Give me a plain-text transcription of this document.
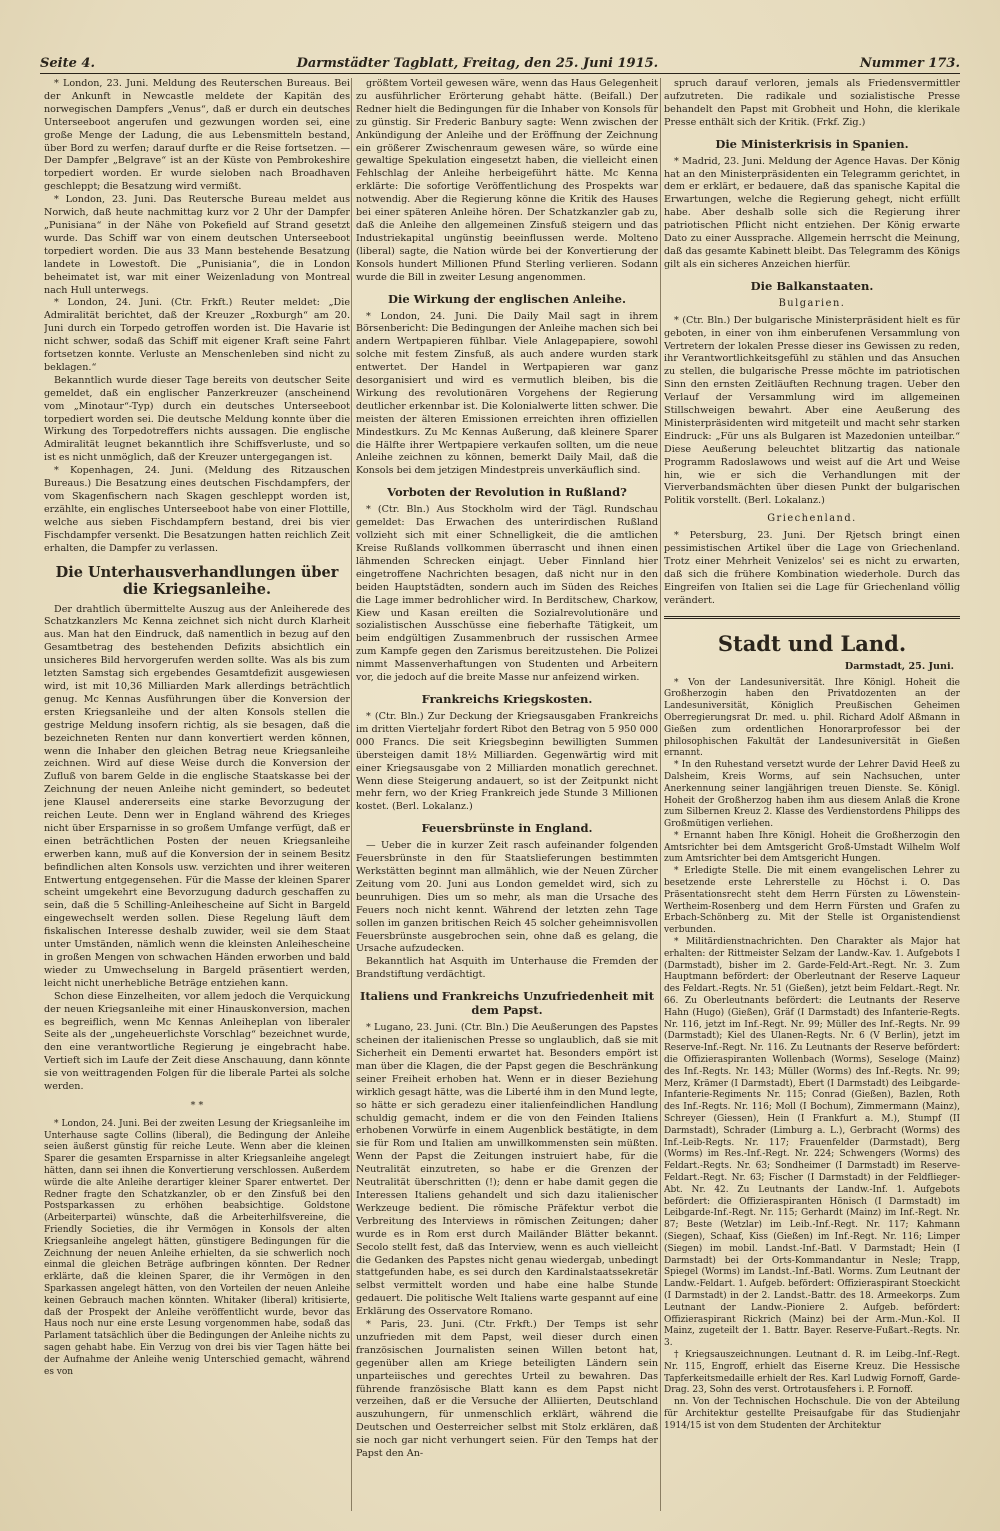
Seite 4.	Darmstädter Tagblatt, Freitag, den 25. Juni 1915.	Nummer 173.

* London, 23. Juni. Meldung des Reuterschen Bureaus. Bei der Ankunft in Newcastle meldete der Kapitän des norwegischen Dampfers „Venus“, daß er durch ein deutsches Unterseeboot angerufen und gezwungen worden sei, eine große Menge der Ladung, die aus Lebensmitteln bestand, über Bord zu werfen; darauf durfte er die Reise fortsetzen. — Der Dampfer „Belgrave“ ist an der Küste von Pembrokeshire torpediert worden. Er wurde sieloben nach Broadhaven geschleppt; die Besatzung wird vermißt.

* London, 23. Juni. Das Reutersche Bureau meldet aus Norwich, daß heute nachmittag kurz vor 2 Uhr der Dampfer „Punisiana“ in der Nähe von Pokefield auf Strand gesetzt wurde. Das Schiff war von einem deutschen Unterseeboot torpediert worden. Die aus 33 Mann bestehende Besatzung landete in Lowestoft. Die „Punisiania“, die in London beheimatet ist, war mit einer Weizenladung von Montreal nach Hull unterwegs.

* London, 24. Juni. (Ctr. Frkft.) Reuter meldet: „Die Admiralität berichtet, daß der Kreuzer „Roxburgh“ am 20. Juni durch ein Torpedo getroffen worden ist. Die Havarie ist nicht schwer, sodaß das Schiff mit eigener Kraft seine Fahrt fortsetzen konnte. Verluste an Menschenleben sind nicht zu beklagen.“

Bekanntlich wurde dieser Tage bereits von deutscher Seite gemeldet, daß ein englischer Panzerkreuzer (anscheinend vom „Minotaur“-Typ) durch ein deutsches Unterseeboot torpediert worden sei. Die deutsche Meldung konnte über die Wirkung des Torpedotreffers nichts aussagen. Die englische Admiralität leugnet bekanntlich ihre Schiffsverluste, und so ist es nicht unmöglich, daß der Kreuzer untergegangen ist.

* Kopenhagen, 24. Juni. (Meldung des Ritzauschen Bureaus.) Die Besatzung eines deutschen Fischdampfers, der vom Skagenfischern nach Skagen geschleppt worden ist, erzählte, ein englisches Unterseeboot habe von einer Flottille, welche aus sieben Fischdampfern bestand, drei bis vier Fischdampfer versenkt. Die Besatzungen hatten reichlich Zeit erhalten, die Dampfer zu verlassen.

Die Unterhausverhandlungen über die Kriegsanleihe.

Der drahtlich übermittelte Auszug aus der Anleiherede des Schatzkanzlers Mc Kenna zeichnet sich nicht durch Klarheit aus. Man hat den Eindruck, daß namentlich in bezug auf den Gesamtbetrag des bestehenden Defizits absichtlich ein unsicheres Bild hervorgerufen werden sollte. Was als bis zum letzten Samstag sich ergebendes Gesamtdefizit ausgewiesen wird, ist mit 10,36 Milliarden Mark allerdings beträchtlich genug. Mc Kennas Ausführungen über die Konversion der ersten Kriegsanleihe und der alten Konsols stellen die gestrige Meldung insofern richtig, als sie besagen, daß die bezeichneten Renten nur dann konvertiert werden können, wenn die Inhaber den gleichen Betrag neue Kriegsanleihe zeichnen. Wird auf diese Weise durch die Konversion der Zufluß von barem Gelde in die englische Staatskasse bei der Zeichnung der neuen Anleihe nicht gemindert, so bedeutet jene Klausel andererseits eine starke Bevorzugung der reichen Leute. Denn wer in England während des Krieges nicht über Ersparnisse in so großem Umfange verfügt, daß er einen beträchtlichen Posten der neuen Kriegsanleihe erwerben kann, muß auf die Konversion der in seinem Besitz befindlichen alten Konsols usw. verzichten und ihrer weiteren Entwertung entgegensehen. Für die Masse der kleinen Sparer scheint umgekehrt eine Bevorzugung dadurch geschaffen zu sein, daß die 5 Schilling-Anleihescheine auf Sicht in Bargeld eingewechselt werden sollen. Diese Regelung läuft dem fiskalischen Interesse deshalb zuwider, weil sie dem Staat unter Umständen, nämlich wenn die kleinsten Anleihescheine in großen Mengen von schwachen Händen erworben und bald wieder zu Umwechselung in Bargeld präsentiert werden, leicht nicht unerhebliche Beträge entziehen kann.

Schon diese Einzelheiten, vor allem jedoch die Verquickung der neuen Kriegsanleihe mit einer Hinauskonversion, machen es begreiflich, wenn Mc Kennas Anleiheplan von liberaler Seite als der „ungeheuerlichste Vorschlag“ bezeichnet wurde, den eine verantwortliche Regierung je eingebracht habe. Vertieft sich im Laufe der Zeit diese Anschauung, dann könnte sie von weittragenden Folgen für die liberale Partei als solche werden.

* *

* London, 24. Juni. Bei der zweiten Lesung der Kriegsanleihe im Unterhause sagte Collins (liberal), die Bedingung der Anleihe seien äußerst günstig für reiche Leute. Wenn aber die kleinen Sparer die gesamten Ersparnisse in alter Kriegsanleihe angelegt hätten, dann sei ihnen die Konvertierung verschlossen. Außerdem würde die alte Anleihe derartiger kleiner Sparer entwertet. Der Redner fragte den Schatzkanzler, ob er den Zinsfuß bei den Postsparkassen zu erhöhen beabsichtige. Goldstone (Arbeiterpartei) wünschte, daß die Arbeiterhilfsvereine, die Friendly Societies, die ihr Vermögen in Konsols der alten Kriegsanleihe angelegt hätten, günstigere Bedingungen für die Zeichnung der neuen Anleihe erhielten, da sie schwerlich noch einmal die gleichen Beträge aufbringen könnten. Der Redner erklärte, daß die kleinen Sparer, die ihr Vermögen in den Sparkassen angelegt hätten, von den Vorteilen der neuen Anleihe keinen Gebrauch machen könnten. Whitaker (liberal) kritisierte, daß der Prospekt der Anleihe veröffentlicht wurde, bevor das Haus noch nur eine erste Lesung vorgenommen habe, sodaß das Parlament tatsächlich über die Bedingungen der Anleihe nichts zu sagen gehabt habe. Ein Verzug von drei bis vier Tagen hätte bei der Aufnahme der Anleihe wenig Unterschied gemacht, während es von

größtem Vorteil gewesen wäre, wenn das Haus Gelegenheit zu ausführlicher Erörterung gehabt hätte. (Beifall.) Der Redner hielt die Bedingungen für die Inhaber von Konsols für zu günstig. Sir Frederic Banbury sagte: Wenn zwischen der Ankündigung der Anleihe und der Eröffnung der Zeichnung ein größerer Zwischenraum gewesen wäre, so würde eine gewaltige Spekulation eingesetzt haben, die vielleicht einen Fehlschlag der Anleihe herbeigeführt hätte. Mc Kenna erklärte: Die sofortige Veröffentlichung des Prospekts war notwendig. Aber die Regierung könne die Kritik des Hauses bei einer späteren Anleihe hören. Der Schatzkanzler gab zu, daß die Anleihe den allgemeinen Zinsfuß steigern und das Industriekapital ungünstig beeinflussen werde. Molteno (liberal) sagte, die Nation würde bei der Konvertierung der Konsols hundert Millionen Pfund Sterling verlieren. Sodann wurde die Bill in zweiter Lesung angenommen.

Die Wirkung der englischen Anleihe.

* London, 24. Juni. Die Daily Mail sagt in ihrem Börsenbericht: Die Bedingungen der Anleihe machen sich bei andern Wertpapieren fühlbar. Viele Anlagepapiere, sowohl solche mit festem Zinsfuß, als auch andere wurden stark entwertet. Der Handel in Wertpapieren war ganz desorganisiert und wird es vermutlich bleiben, bis die Wirkung des revolutionären Vorgehens der Regierung deutlicher erkennbar ist. Die Kolonialwerte litten schwer. Die meisten der älteren Emissionen erreichten ihren offiziellen Mindestkurs. Zu Mc Kennas Außerung, daß kleinere Sparer die Hälfte ihrer Wertpapiere verkaufen sollten, um die neue Anleihe zeichnen zu können, bemerkt Daily Mail, daß die Konsols bei dem jetzigen Mindestpreis unverkäuflich sind.

Vorboten der Revolution in Rußland?

* (Ctr. Bln.) Aus Stockholm wird der Tägl. Rundschau gemeldet: Das Erwachen des unterirdischen Rußland vollzieht sich mit einer Schnelligkeit, die die amtlichen Kreise Rußlands vollkommen überrascht und ihnen einen lähmenden Schrecken einjagt. Ueber Finnland hier eingetroffene Nachrichten besagen, daß nicht nur in den beiden Hauptstädten, sondern auch im Süden des Reiches die Lage immer bedrohlicher wird. In Berditschew, Charkow, Kiew und Kasan ereilten die Sozialrevolutionäre und sozialistischen Ausschüsse eine fieberhafte Tätigkeit, um beim endgültigen Zusammenbruch der russischen Armee zum Kampfe gegen den Zarismus bereitzustehen. Die Polizei nimmt Massenverhaftungen von Studenten und Arbeitern vor, die jedoch auf die breite Masse nur anfeizend wirken.

Frankreichs Kriegskosten.

* (Ctr. Bln.) Zur Deckung der Kriegsausgaben Frankreichs im dritten Vierteljahr fordert Ribot den Betrag von 5 950 000 000 Francs. Die seit Kriegsbeginn bewilligten Summen übersteigen damit 18½ Milliarden. Gegenwärtig wird mit einer Kriegsausgabe von 2 Milliarden monatlich gerechnet. Wenn diese Steigerung andauert, so ist der Zeitpunkt nicht mehr fern, wo der Krieg Frankreich jede Stunde 3 Millionen kostet. (Berl. Lokalanz.)

Feuersbrünste in England.

— Ueber die in kurzer Zeit rasch aufeinander folgenden Feuersbrünste in den für Staatslieferungen bestimmten Werkstätten beginnt man allmählich, wie der Neuen Zürcher Zeitung vom 20. Juni aus London gemeldet wird, sich zu beunruhigen. Dies um so mehr, als man die Ursache des Feuers noch nicht kennt. Während der letzten zehn Tage sollen im ganzen britischen Reich 45 solcher geheimnisvollen Feuersbrünste ausgebrochen sein, ohne daß es gelang, die Ursache aufzudecken.

Bekanntlich hat Asquith im Unterhause die Fremden der Brandstiftung verdächtigt.

Italiens und Frankreichs Unzufriedenheit mit dem Papst.

* Lugano, 23. Juni. (Ctr. Bln.) Die Aeußerungen des Papstes scheinen der italienischen Presse so unglaublich, daß sie mit Sicherheit ein Dementi erwartet hat. Besonders empört ist man über die Klagen, die der Papst gegen die Beschränkung seiner Freiheit erhoben hat. Wenn er in dieser Beziehung wirklich gesagt hätte, was die Liberté ihm in den Mund legte, so hätte er sich geradezu einer italienfeindlichen Handlung schuldig gemacht, indem er die von den Feinden Italiens erhobenen Vorwürfe in einem Augenblick bestätigte, in dem sie für Rom und Italien am unwillkommensten sein müßten. Wenn der Papst die Zeitungen instruiert habe, für die Neutralität einzutreten, so habe er die Grenzen der Neutralität überschritten (!); denn er habe damit gegen die Interessen Italiens gehandelt und sich dazu italienischer Werkzeuge bedient. Die römische Präfektur verbot die Verbreitung des Interviews in römischen Zeitungen; daher wurde es in Rom erst durch Mailänder Blätter bekannt. Secolo stellt fest, daß das Interview, wenn es auch vielleicht die Gedanken des Papstes nicht genau wiedergab, unbedingt stattgefunden habe, es sei durch den Kardinalstaatssekretär selbst vermittelt worden und habe eine halbe Stunde gedauert. Die politische Welt Italiens warte gespannt auf eine Erklärung des Osservatore Romano.

* Paris, 23. Juni. (Ctr. Frkft.) Der Temps ist sehr unzufrieden mit dem Papst, weil dieser durch einen französischen Journalisten seinen Willen betont hat, gegenüber allen am Kriege beteiligten Ländern sein unparteiisches und gerechtes Urteil zu bewahren. Das führende französische Blatt kann es dem Papst nicht verzeihen, daß er die Versuche der Alliierten, Deutschland auszuhungern, für unmenschlich erklärt, während die Deutschen und Oesterreicher selbst mit Stolz erklären, daß sie noch gar nicht verhungert seien. Für den Temps hat der Papst den An-

spruch darauf verloren, jemals als Friedensvermittler aufzutreten. Die radikale und sozialistische Presse behandelt den Papst mit Grobheit und Hohn, die klerikale Presse enthält sich der Kritik. (Frkf. Zig.)

Die Ministerkrisis in Spanien.

* Madrid, 23. Juni. Meldung der Agence Havas. Der König hat an den Ministerpräsidenten ein Telegramm gerichtet, in dem er erklärt, er bedauere, daß das spanische Kapital die Erwartungen, welche die Regierung gehegt, nicht erfüllt habe. Aber deshalb solle sich die Regierung ihrer patriotischen Pflicht nicht entziehen. Der König erwarte Dato zu einer Aussprache. Allgemein herrscht die Meinung, daß das gesamte Kabinett bleibt. Das Telegramm des Königs gilt als ein sicheres Anzeichen hierfür.

Die Balkanstaaten.
Bulgarien.

* (Ctr. Bln.) Der bulgarische Ministerpräsident hielt es für geboten, in einer von ihm einberufenen Versammlung von Vertretern der lokalen Presse dieser ins Gewissen zu reden, ihr Verantwortlichkeitsgefühl zu stählen und das Ansuchen zu stellen, die bulgarische Presse möchte im patriotischen Sinn den ernsten Zeitläuften Rechnung tragen. Ueber den Verlauf der Versammlung wird im allgemeinen Stillschweigen bewahrt. Aber eine Aeußerung des Ministerpräsidenten wird mitgeteilt und macht sehr starken Eindruck: „Für uns als Bulgaren ist Mazedonien unteilbar.“ Diese Aeußerung beleuchtet blitzartig das nationale Programm Radoslawows und weist auf die Art und Weise hin, wie er sich die Verhandlungen mit der Vierverbandsmächten über diesen Punkt der bulgarischen Politik vorstellt. (Berl. Lokalanz.)

Griechenland.

* Petersburg, 23. Juni. Der Rjetsch bringt einen pessimistischen Artikel über die Lage von Griechenland. Trotz einer Mehrheit Venizelos' sei es nicht zu erwarten, daß sich die frühere Kombination wiederhole. Durch das Eingreifen von Italien sei die Lage für Griechenland völlig verändert.

Stadt und Land.
Darmstadt, 25. Juni.

* Von der Landesuniversität. Ihre Königl. Hoheit die Großherzogin haben den Privatdozenten an der Landesuniversität, Königlich Preußischen Geheimen Oberregierungsrat Dr. med. u. phil. Richard Adolf Aßmann in Gießen zum ordentlichen Honorarprofessor bei der philosophischen Fakultät der Landesuniversität in Gießen ernannt.

* In den Ruhestand versetzt wurde der Lehrer David Heeß zu Dalsheim, Kreis Worms, auf sein Nachsuchen, unter Anerkennung seiner langjährigen treuen Dienste. Se. Königl. Hoheit der Großherzog haben ihm aus diesem Anlaß die Krone zum Silbernen Kreuz 2. Klasse des Verdienstordens Philipps des Großmütigen verliehen.

* Ernannt haben Ihre Königl. Hoheit die Großherzogin den Amtsrichter bei dem Amtsgericht Groß-Umstadt Wilhelm Wolf zum Amtsrichter bei dem Amtsgericht Hungen.

* Erledigte Stelle. Die mit einem evangelischen Lehrer zu besetzende erste Lehrerstelle zu Höchst i. O. Das Präsentationsrecht steht dem Herrn Fürsten zu Löwenstein-Wertheim-Rosenberg und dem Herrn Fürsten und Grafen zu Erbach-Schönberg zu. Mit der Stelle ist Organistendienst verbunden.

* Militärdienstnachrichten. Den Charakter als Major hat erhalten: der Rittmeister Selzam der Landw.-Kav. 1. Aufgebots I (Darmstadt), bisher im 2. Garde-Feld-Art.-Regt. Nr. 3. Zum Hauptmann befördert: der Oberleutnant der Reserve Laqueur des Feldart.-Regts. Nr. 51 (Gießen), jetzt beim Feldart.-Regt. Nr. 66. Zu Oberleutnants befördert: die Leutnants der Reserve Hahn (Hugo) (Gießen), Gräf (I Darmstadt) des Infanterie-Regts. Nr. 116, jetzt im Inf.-Regt. Nr. 99; Müller des Inf.-Regts. Nr. 99 (Darmstadt); Kiel des Ulanen-Regts. Nr. 6 (V Berlin), jetzt im Reserve-Inf.-Regt. Nr. 116. Zu Leutnants der Reserve befördert: die Offizieraspiranten Wollenbach (Worms), Seseloge (Mainz) des Inf.-Regts. Nr. 143; Müller (Worms) des Inf.-Regts. Nr. 99; Merz, Krämer (I Darmstadt), Ebert (I Darmstadt) des Leibgarde-Infanterie-Regiments Nr. 115; Conrad (Gießen), Bazlen, Roth des Inf.-Regts. Nr. 116; Moll (I Bochum), Zimmermann (Mainz), Schreyer (Giessen), Hein (I Frankfurt a. M.), Stumpf (II Darmstadt), Schrader (Limburg a. L.), Gerbracht (Worms) des Inf.-Leib-Regts. Nr. 117; Frauenfelder (Darmstadt), Berg (Worms) im Res.-Inf.-Regt. Nr. 224; Schwengers (Worms) des Feldart.-Regts. Nr. 63; Sondheimer (I Darmstadt) im Reserve-Feldart.-Regt. Nr. 63; Fischer (I Darmstadt) in der Feldflieger-Abt. Nr. 42. Zu Leutnants der Landw.-Inf. 1. Aufgebots befördert: die Offizieraspiranten Hönisch (I Darmstadt) im Leibgarde-Inf.-Regt. Nr. 115; Gerhardt (Mainz) im Inf.-Regt. Nr. 87; Beste (Wetzlar) im Leib.-Inf.-Regt. Nr. 117; Kahmann (Siegen), Schaaf, Kiss (Gießen) im Inf.-Regt. Nr. 116; Limper (Siegen) im mobil. Landst.-Inf.-Batl. V Darmstadt; Hein (I Darmstadt) bei der Orts-Kommandantur in Nesle; Trapp, Spiegel (Worms) im Landst.-Inf.-Batl. Worms. Zum Leutnant der Landw.-Feldart. 1. Aufgeb. befördert: Offizieraspirant Stoeckicht (I Darmstadt) in der 2. Landst.-Battr. des 18. Armeekorps. Zum Leutnant der Landw.-Pioniere 2. Aufgeb. befördert: Offizieraspirant Rickrich (Mainz) bei der Arm.-Mun.-Kol. II Mainz, zugeteilt der 1. Battr. Bayer. Reserve-Fußart.-Regts. Nr. 3.

† Kriegsauszeichnungen. Leutnant d. R. im Leibg.-Inf.-Regt. Nr. 115, Engroff, erhielt das Eiserne Kreuz. Die Hessische Tapferkeitsmedaille erhielt der Res. Karl Ludwig Fornoff, Garde-Drag. 23, Sohn des verst. Ortrotausfehers i. P. Fornoff.

nn. Von der Technischen Hochschule. Die von der Abteilung für Architektur gestellte Preisaufgabe für das Studienjahr 1914/15 ist von dem Studenten der Architektur
